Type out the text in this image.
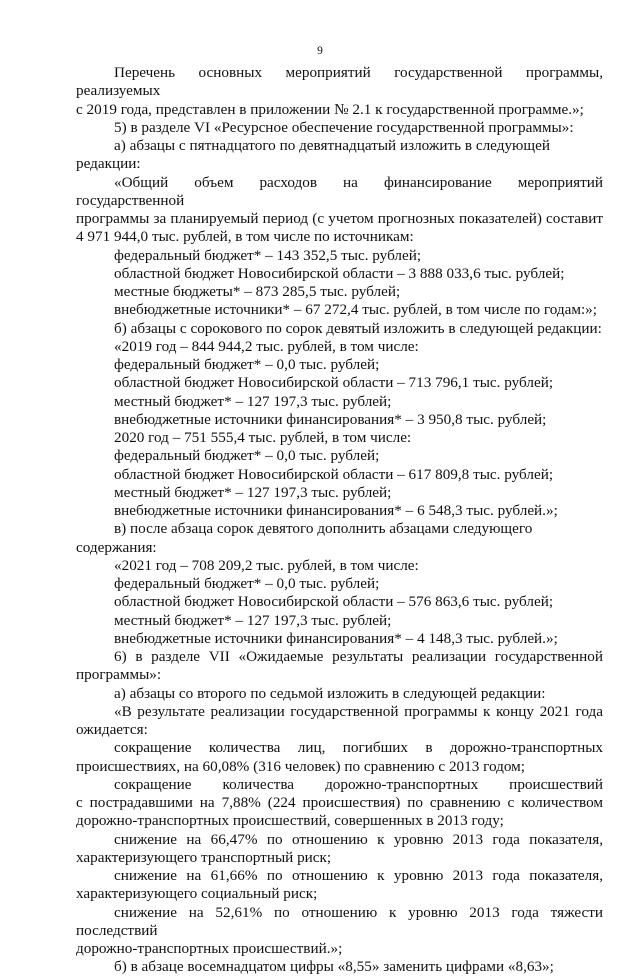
9

Перечень основных мероприятий государственной программы, реализуемых

с 2019 года, представлен в приложении № 2.1 к государственной программе.»;

5) в разделе VI «Ресурсное обеспечение государственной программы»:

а) абзацы с пятнадцатого по девятнадцатый изложить в следующей редакции:

«Общий объем расходов на финансирование мероприятий государственной

программы за планируемый период (с учетом прогнозных показателей) составит

4 971 944,0 тыс. рублей, в том числе по источникам:

федеральный бюджет* – 143 352,5 тыс. рублей;

областной бюджет Новосибирской области – 3 888 033,6 тыс. рублей;

местные бюджеты* – 873 285,5 тыс. рублей;

внебюджетные источники* – 67 272,4 тыс. рублей, в том числе по годам:»;

б) абзацы с сорокового по сорок девятый изложить в следующей редакции:

«2019 год – 844 944,2 тыс. рублей, в том числе:

федеральный бюджет* – 0,0 тыс. рублей;

областной бюджет Новосибирской области – 713 796,1 тыс. рублей;

местный бюджет* – 127 197,3 тыс. рублей;

внебюджетные источники финансирования* – 3 950,8 тыс. рублей;

2020 год – 751 555,4 тыс. рублей, в том числе:

федеральный бюджет* – 0,0 тыс. рублей;

областной бюджет Новосибирской области – 617 809,8 тыс. рублей;

местный бюджет* – 127 197,3 тыс. рублей;

внебюджетные источники финансирования* – 6 548,3 тыс. рублей.»;

в) после абзаца сорок девятого дополнить абзацами следующего содержания:

«2021 год – 708 209,2 тыс. рублей, в том числе:

федеральный бюджет* – 0,0 тыс. рублей;

областной бюджет Новосибирской области – 576 863,6 тыс. рублей;

местный бюджет* – 127 197,3 тыс. рублей;

внебюджетные источники финансирования* – 4 148,3 тыс. рублей.»;

6) в разделе VII «Ожидаемые результаты реализации государственной

программы»:

а) абзацы со второго по седьмой изложить в следующей редакции:

«В результате реализации государственной программы к концу 2021 года

ожидается:

сокращение количества лиц, погибших в дорожно-транспортных

происшествиях, на 60,08% (316 человек) по сравнению с 2013 годом;

сокращение количества дорожно-транспортных происшествий

с пострадавшими на 7,88% (224 происшествия) по сравнению с количеством

дорожно-транспортных происшествий, совершенных в 2013 году;

снижение на 66,47% по отношению к уровню 2013 года показателя,

характеризующего транспортный риск;

снижение на 61,66% по отношению к уровню 2013 года показателя,

характеризующего социальный риск;

снижение на 52,61% по отношению к уровню 2013 года тяжести последствий

дорожно-транспортных происшествий.»;

б) в абзаце восемнадцатом цифры «8,55» заменить цифрами «8,63»;
